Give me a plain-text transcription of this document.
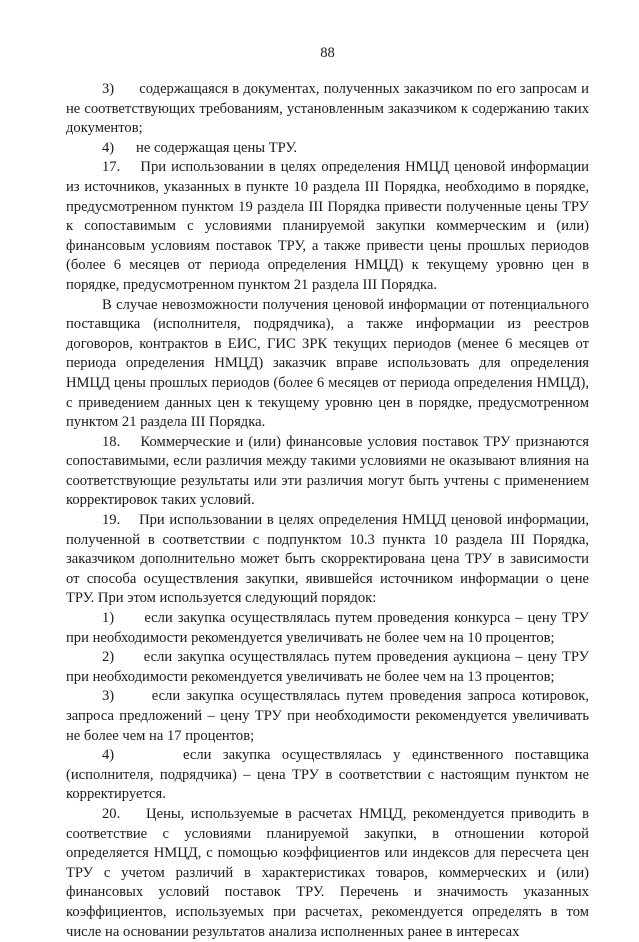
88

3)      содержащаяся в документах, полученных заказчиком по его запросам и не соответствующих требованиям, установленным заказчиком к содержанию таких документов;

4)      не содержащая цены ТРУ.

17.    При использовании в целях определения НМЦД ценовой информации из источников, указанных в пункте 10 раздела III Порядка, необходимо в порядке, предусмотренном пунктом 19 раздела III Порядка привести полученные цены ТРУ к сопоставимым с условиями планируемой закупки коммерческим и (или) финансовым условиям поставок ТРУ, а также привести цены прошлых периодов (более 6 месяцев от периода определения НМЦД) к текущему уровню цен в порядке, предусмотренном пунктом 21 раздела III Порядка.

В случае невозможности получения ценовой информации от потенциального поставщика (исполнителя, подрядчика), а также информации из реестров договоров, контрактов в ЕИС, ГИС ЗРК текущих периодов (менее 6 месяцев от периода определения НМЦД) заказчик вправе использовать для определения НМЦД цены прошлых периодов (более 6 месяцев от периода определения НМЦД), с приведением данных цен к текущему уровню цен в порядке, предусмотренном пунктом 21 раздела III Порядка.

18.    Коммерческие и (или) финансовые условия поставок ТРУ признаются сопоставимыми, если различия между такими условиями не оказывают влияния на соответствующие результаты или эти различия могут быть учтены с применением корректировок таких условий.

19.    При использовании в целях определения НМЦД ценовой информации, полученной в соответствии с подпунктом 10.3 пункта 10 раздела III Порядка, заказчиком дополнительно может быть скорректирована цена ТРУ в зависимости от способа осуществления закупки, явившейся источником информации о цене ТРУ. При этом используется следующий порядок:

1)      если закупка осуществлялась путем проведения конкурса – цену ТРУ при необходимости рекомендуется увеличивать не более чем на 10 процентов;

2)      если закупка осуществлялась путем проведения аукциона – цену ТРУ при необходимости рекомендуется увеличивать не более чем на 13 процентов;

3)      если закупка осуществлялась путем проведения запроса котировок, запроса предложений – цену ТРУ при необходимости рекомендуется увеличивать не более чем на 17 процентов;

4)      если закупка осуществлялась у единственного поставщика (исполнителя, подрядчика) – цена ТРУ в соответствии с настоящим пунктом не корректируется.

20.    Цены, используемые в расчетах НМЦД, рекомендуется приводить в соответствие с условиями планируемой закупки, в отношении которой определяется НМЦД, с помощью коэффициентов или индексов для пересчета цен ТРУ с учетом различий в характеристиках товаров, коммерческих и (или) финансовых условий поставок ТРУ. Перечень и значимость указанных коэффициентов, используемых при расчетах, рекомендуется определять в том числе на основании результатов анализа исполненных ранее в интересах
